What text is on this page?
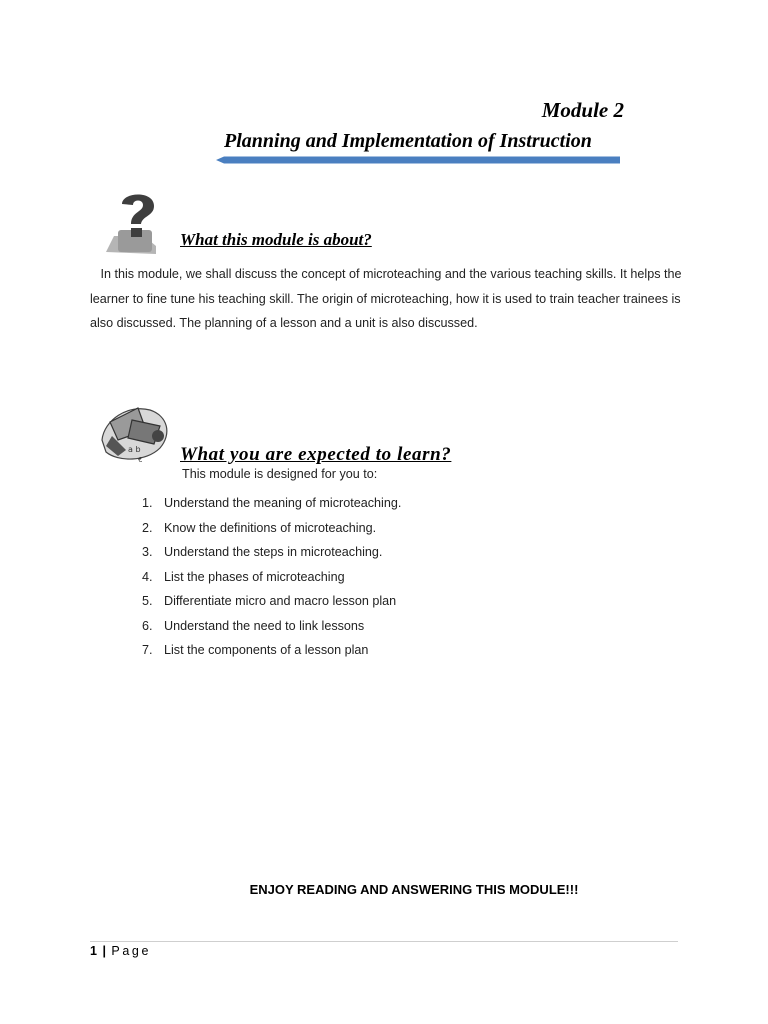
Module 2
Planning and Implementation of Instruction
What this module is about?

In this module, we shall discuss the concept of microteaching and the various teaching skills. It helps the learner to fine tune his teaching skill. The origin of microteaching, how it is used to train teacher trainees is also discussed. The planning of a lesson and a unit is also discussed.

a b
€ What you are expected to learn?
This module is designed for you to:
1. Understand the meaning of microteaching.
2. Know the definitions of microteaching.
3. Understand the steps in microteaching.
4. List the phases of microteaching
5. Differentiate micro and macro lesson plan
6. Understand the need to link lessons
7. List the components of a lesson plan
ENJOY READING AND ANSWERING THIS MODULE!!!
1 | Page
